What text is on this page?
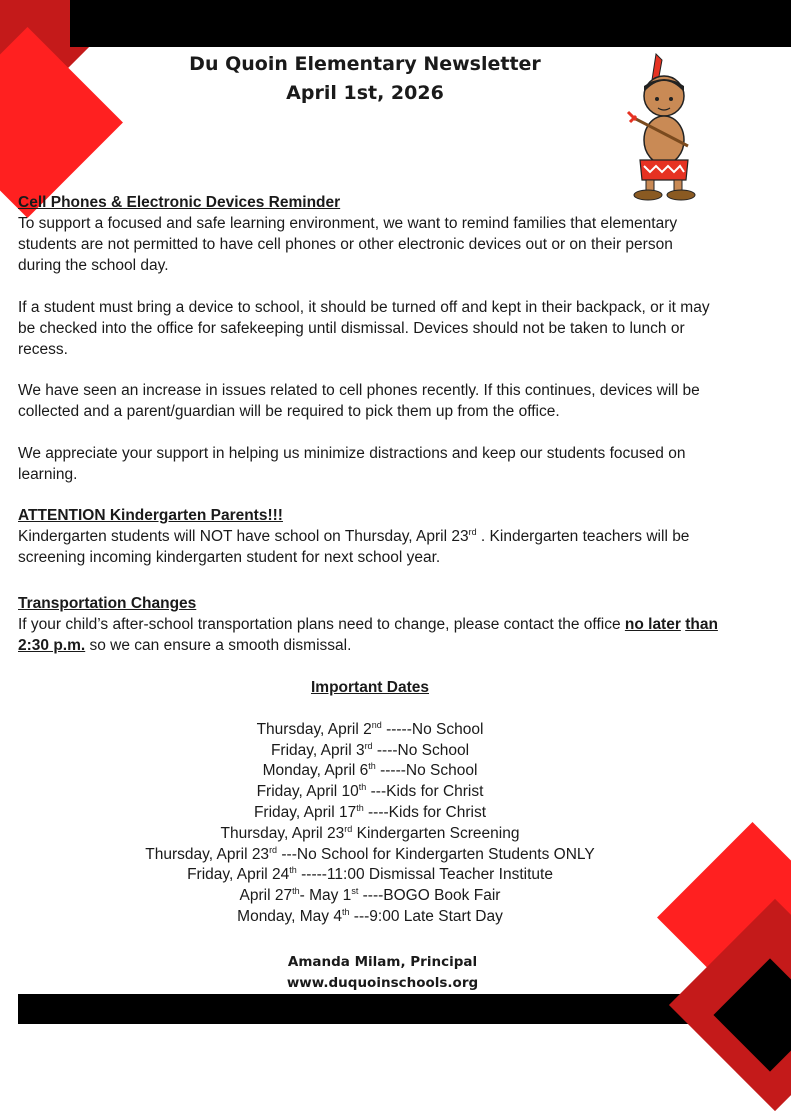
Du Quoin Elementary Newsletter
April 1st, 2026
Cell Phones & Electronic Devices Reminder

To support a focused and safe learning environment, we want to remind families that elementary students are not permitted to have cell phones or other electronic devices out or on their person during the school day.

If a student must bring a device to school, it should be turned off and kept in their backpack, or it may be checked into the office for safekeeping until dismissal. Devices should not be taken to lunch or recess.

We have seen an increase in issues related to cell phones recently. If this continues, devices will be collected and a parent/guardian will be required to pick them up from the office.

We appreciate your support in helping us minimize distractions and keep our students focused on learning.

ATTENTION Kindergarten Parents!!!

Kindergarten students will NOT have school on Thursday, April 23rd . Kindergarten teachers will be screening incoming kindergarten student for next school year.

Transportation Changes

If your child’s after-school transportation plans need to change, please contact the office no later than 2:30 p.m. so we can ensure a smooth dismissal.

Important Dates
Thursday, April 2nd -----No School
Friday, April 3rd ----No School
Monday, April 6th -----No School
Friday, April 10th ---Kids for Christ
Friday, April 17th ----Kids for Christ
Thursday, April 23rd Kindergarten Screening
Thursday, April 23rd ---No School for Kindergarten Students ONLY
Friday, April 24th -----11:00 Dismissal Teacher Institute
April 27th- May 1st ----BOGO Book Fair
Monday, May 4th ---9:00 Late Start Day
Amanda Milam, Principal
www.duquoinschools.org
